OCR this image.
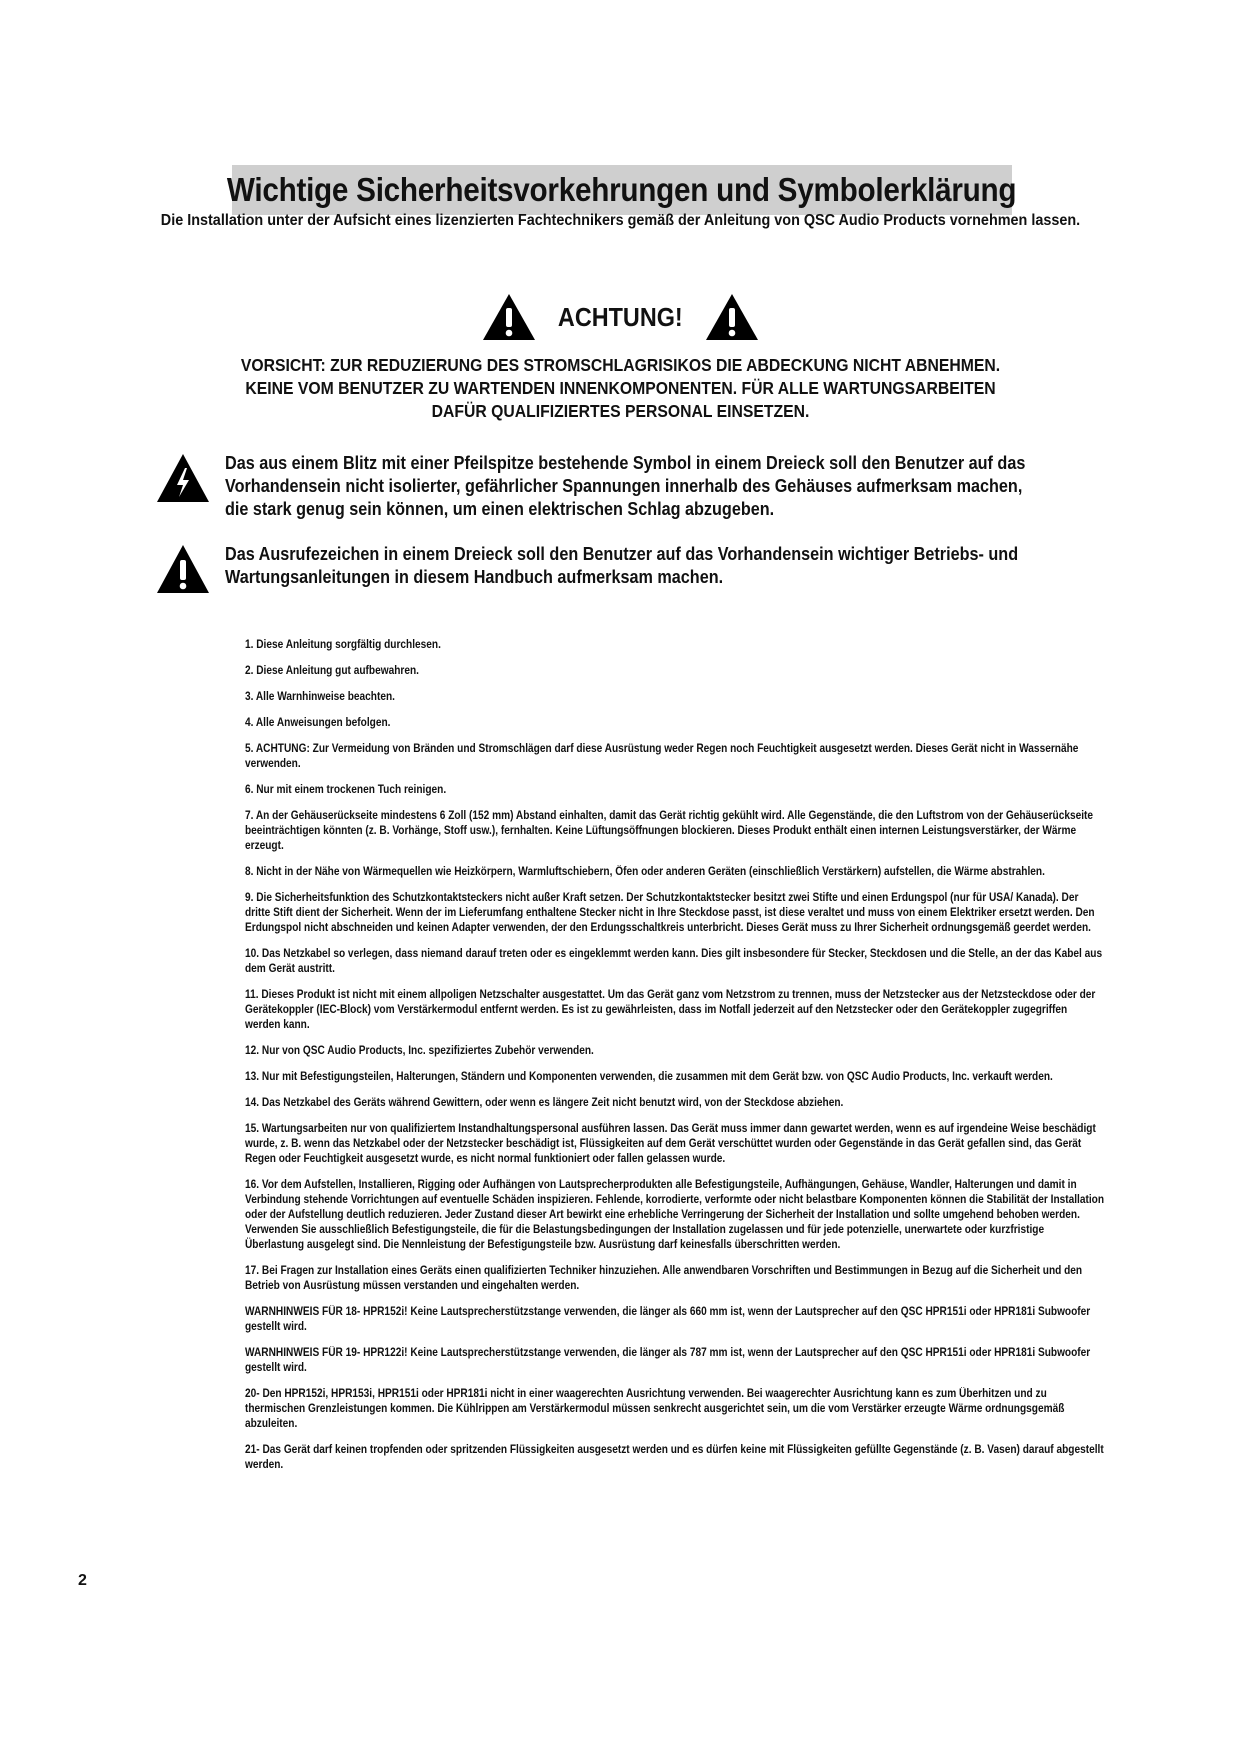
Wichtige Sicherheitsvorkehrungen und Symbolerklärung
Die Installation unter der Aufsicht eines lizenzierten Fachtechnikers gemäß der Anleitung von QSC Audio Products vornehmen lassen.
ACHTUNG!
VORSICHT: ZUR REDUZIERUNG DES STROMSCHLAGRISIKOS DIE ABDECKUNG NICHT ABNEHMEN.
KEINE VOM BENUTZER ZU WARTENDEN INNENKOMPONENTEN. FÜR ALLE WARTUNGSARBEITEN
DAFÜR QUALIFIZIERTES PERSONAL EINSETZEN.

Das aus einem Blitz mit einer Pfeilspitze bestehende Symbol in einem Dreieck soll den Benutzer auf das Vorhandensein nicht isolierter, gefährlicher Spannungen innerhalb des Gehäuses aufmerksam machen, die stark genug sein können, um einen elektrischen Schlag abzugeben.

Das Ausrufezeichen in einem Dreieck soll den Benutzer auf das Vorhandensein wichtiger Betriebs- und Wartungsanleitungen in diesem Handbuch aufmerksam machen.

1. Diese Anleitung sorgfältig durchlesen.
2. Diese Anleitung gut aufbewahren.
3. Alle Warnhinweise beachten.
4. Alle Anweisungen befolgen.
5. ACHTUNG: Zur Vermeidung von Bränden und Stromschlägen darf diese Ausrüstung weder Regen noch Feuchtigkeit ausgesetzt werden. Dieses Gerät nicht in Wassernähe verwenden.
6. Nur mit einem trockenen Tuch reinigen.
7. An der Gehäuserückseite mindestens 6 Zoll (152 mm) Abstand einhalten, damit das Gerät richtig gekühlt wird. Alle Gegenstände, die den Luftstrom von der Gehäuserückseite beeinträchtigen könnten (z. B. Vorhänge, Stoff usw.), fernhalten. Keine Lüftungsöffnungen blockieren. Dieses Produkt enthält einen internen Leistungsverstärker, der Wärme erzeugt.
8. Nicht in der Nähe von Wärmequellen wie Heizkörpern, Warmluftschiebern, Öfen oder anderen Geräten (einschließlich Verstärkern) aufstellen, die Wärme abstrahlen.
9. Die Sicherheitsfunktion des Schutzkontaktsteckers nicht außer Kraft setzen. Der Schutzkontaktstecker besitzt zwei Stifte und einen Erdungspol (nur für USA/ Kanada). Der dritte Stift dient der Sicherheit. Wenn der im Lieferumfang enthaltene Stecker nicht in Ihre Steckdose passt, ist diese veraltet und muss von einem Elektriker ersetzt werden. Den Erdungspol nicht abschneiden und keinen Adapter verwenden, der den Erdungsschaltkreis unterbricht. Dieses Gerät muss zu Ihrer Sicherheit ordnungsgemäß geerdet werden.
10. Das Netzkabel so verlegen, dass niemand darauf treten oder es eingeklemmt werden kann. Dies gilt insbesondere für Stecker, Steckdosen und die Stelle, an der das Kabel aus dem Gerät austritt.
11. Dieses Produkt ist nicht mit einem allpoligen Netzschalter ausgestattet. Um das Gerät ganz vom Netzstrom zu trennen, muss der Netzstecker aus der Netzsteckdose oder der Gerätekoppler (IEC-Block) vom Verstärkermodul entfernt werden. Es ist zu gewährleisten, dass im Notfall jederzeit auf den Netzstecker oder den Gerätekoppler zugegriffen werden kann.
12. Nur von QSC Audio Products, Inc. spezifiziertes Zubehör verwenden.
13. Nur mit Befestigungsteilen, Halterungen, Ständern und Komponenten verwenden, die zusammen mit dem Gerät bzw. von QSC Audio Products, Inc. verkauft werden.
14. Das Netzkabel des Geräts während Gewittern, oder wenn es längere Zeit nicht benutzt wird, von der Steckdose abziehen.
15. Wartungsarbeiten nur von qualifiziertem Instandhaltungspersonal ausführen lassen. Das Gerät muss immer dann gewartet werden, wenn es auf irgendeine Weise beschädigt wurde, z. B. wenn das Netzkabel oder der Netzstecker beschädigt ist, Flüssigkeiten auf dem Gerät verschüttet wurden oder Gegenstände in das Gerät gefallen sind, das Gerät Regen oder Feuchtigkeit ausgesetzt wurde, es nicht normal funktioniert oder fallen gelassen wurde.
16. Vor dem Aufstellen, Installieren, Rigging oder Aufhängen von Lautsprecherprodukten alle Befestigungsteile, Aufhängungen, Gehäuse, Wandler, Halterungen und damit in Verbindung stehende Vorrichtungen auf eventuelle Schäden inspizieren. Fehlende, korrodierte, verformte oder nicht belastbare Komponenten können die Stabilität der Installation oder der Aufstellung deutlich reduzieren. Jeder Zustand dieser Art bewirkt eine erhebliche Verringerung der Sicherheit der Installation und sollte umgehend behoben werden. Verwenden Sie ausschließlich Befestigungsteile, die für die Belastungsbedingungen der Installation zugelassen und für jede potenzielle, unerwartete oder kurzfristige Überlastung ausgelegt sind. Die Nennleistung der Befestigungsteile bzw. Ausrüstung darf keinesfalls überschritten werden.
17. Bei Fragen zur Installation eines Geräts einen qualifizierten Techniker hinzuziehen. Alle anwendbaren Vorschriften und Bestimmungen in Bezug auf die Sicherheit und den Betrieb von Ausrüstung müssen verstanden und eingehalten werden.
WARNHINWEIS FÜR 18- HPR152i! Keine Lautsprecherstützstange verwenden, die länger als 660 mm ist, wenn der Lautsprecher auf den QSC HPR151i oder HPR181i Subwoofer gestellt wird.
WARNHINWEIS FÜR 19- HPR122i! Keine Lautsprecherstützstange verwenden, die länger als 787 mm ist, wenn der Lautsprecher auf den QSC HPR151i oder HPR181i Subwoofer gestellt wird.
20- Den HPR152i, HPR153i, HPR151i oder HPR181i nicht in einer waagerechten Ausrichtung verwenden. Bei waagerechter Ausrichtung kann es zum Überhitzen und zu thermischen Grenzleistungen kommen. Die Kühlrippen am Verstärkermodul müssen senkrecht ausgerichtet sein, um die vom Verstärker erzeugte Wärme ordnungsgemäß abzuleiten.
21- Das Gerät darf keinen tropfenden oder spritzenden Flüssigkeiten ausgesetzt werden und es dürfen keine mit Flüssigkeiten gefüllte Gegenstände (z. B. Vasen) darauf abgestellt werden.
2
